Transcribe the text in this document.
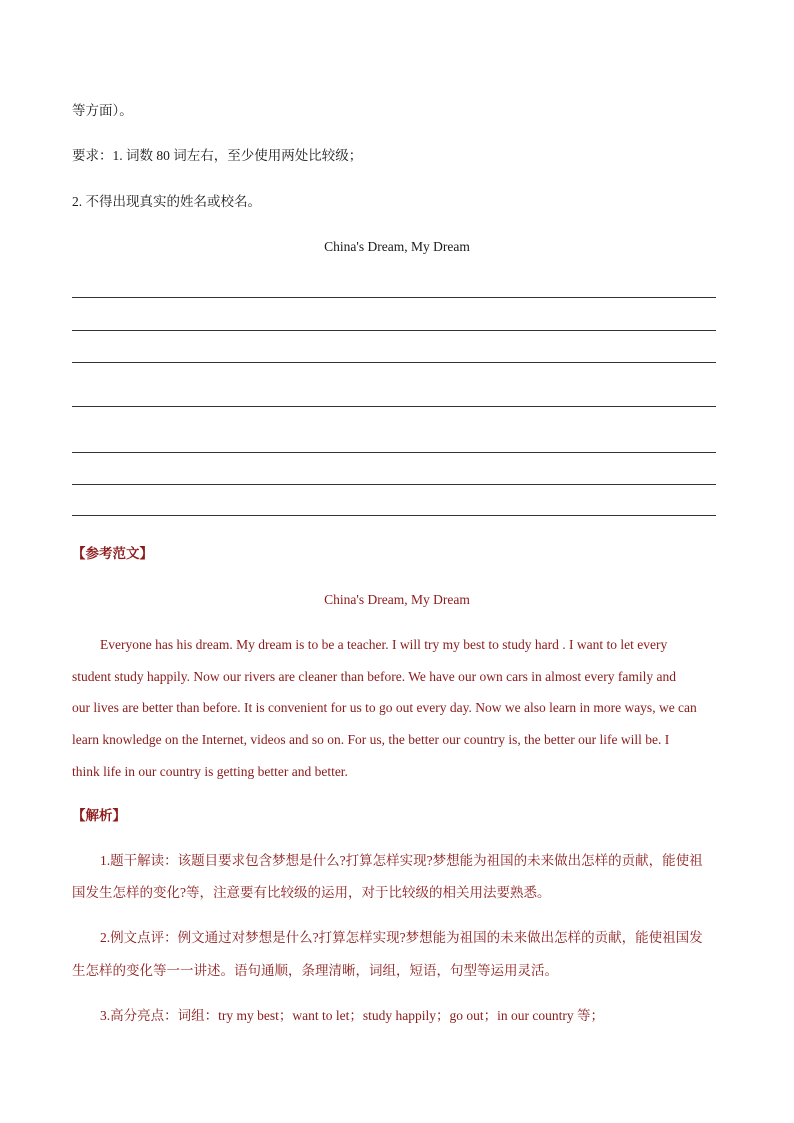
等方面）。
要求：1. 词数 80 词左右，至少使用两处比较级；
2. 不得出现真实的姓名或校名。
China's Dream, My Dream
【参考范文】
China's Dream, My Dream
Everyone has his dream. My dream is to be a teacher. I will try my best to study hard . I want to let every
student study happily. Now our rivers are cleaner than before. We have our own cars in almost every family and
our lives are better than before. It is convenient for us to go out every day. Now we also learn in more ways, we can
learn knowledge on the Internet, videos and so on. For us, the better our country is, the better our life will be. I
think life in our country is getting better and better.
【解析】
1.题干解读：该题目要求包含梦想是什么?打算怎样实现?梦想能为祖国的未来做出怎样的贡献，能使祖
国发生怎样的变化?等，注意要有比较级的运用，对于比较级的相关用法要熟悉。
2.例文点评：例文通过对梦想是什么?打算怎样实现?梦想能为祖国的未来做出怎样的贡献，能使祖国发
生怎样的变化等一一讲述。语句通顺，条理清晰，词组，短语，句型等运用灵活。
3.高分亮点：词组：try my best；want to let；study happily；go out；in our country 等；
